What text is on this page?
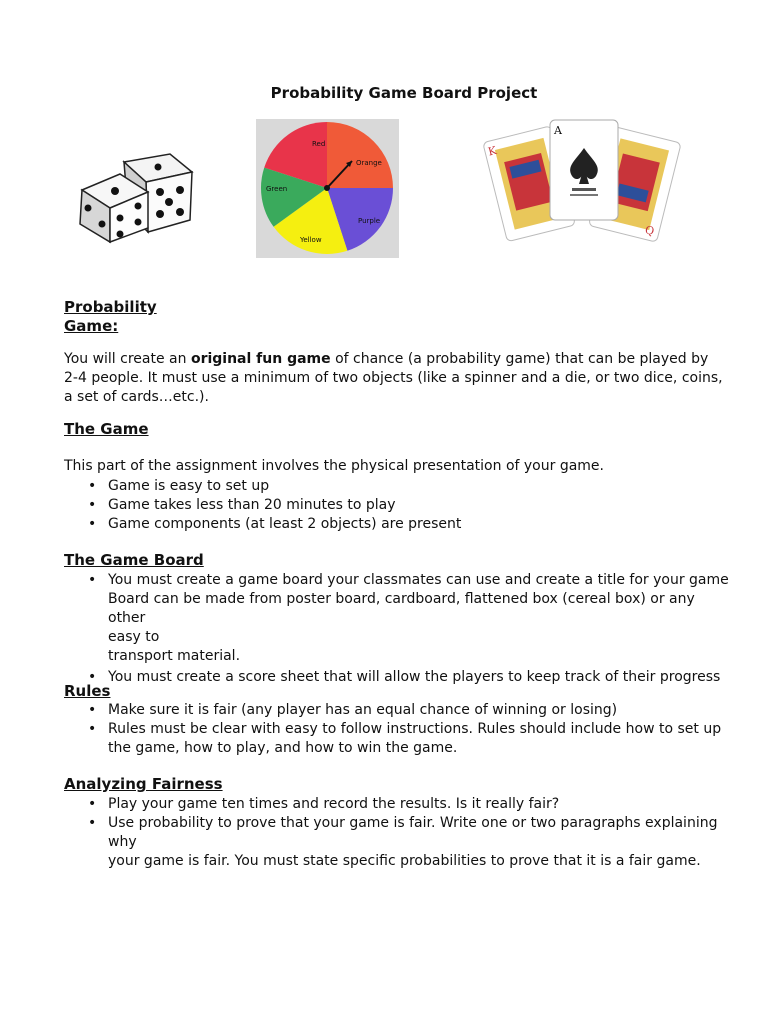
Probability Game Board Project
Red
Orange
Purple
Yellow
Green
K
Q
A
Probability
Game:
You will create an original fun game of chance (a probability game) that can be played by 2-4 people. It must use a minimum of two objects (like a spinner and a die, or two dice, coins, a set of cards…etc.).
The Game
This part of the assignment involves the physical presentation of your game.
• Game is easy to set up
• Game takes less than 20 minutes to play
• Game components (at least 2 objects) are present
The Game Board
• You must create a game board your classmates can use and create a title for your game
Board can be made from poster board, cardboard, flattened box (cereal box) or any other
easy to
transport material.
• You must create a score sheet that will allow the players to keep track of their progress
Rules
• Make sure it is fair (any player has an equal chance of winning or losing)
• Rules must be clear with easy to follow instructions. Rules should include how to set up
the game, how to play, and how to win the game.
Analyzing Fairness
• Play your game ten times and record the results. Is it really fair?
• Use probability to prove that your game is fair. Write one or two paragraphs explaining why
your game is fair. You must state specific probabilities to prove that it is a fair game.
